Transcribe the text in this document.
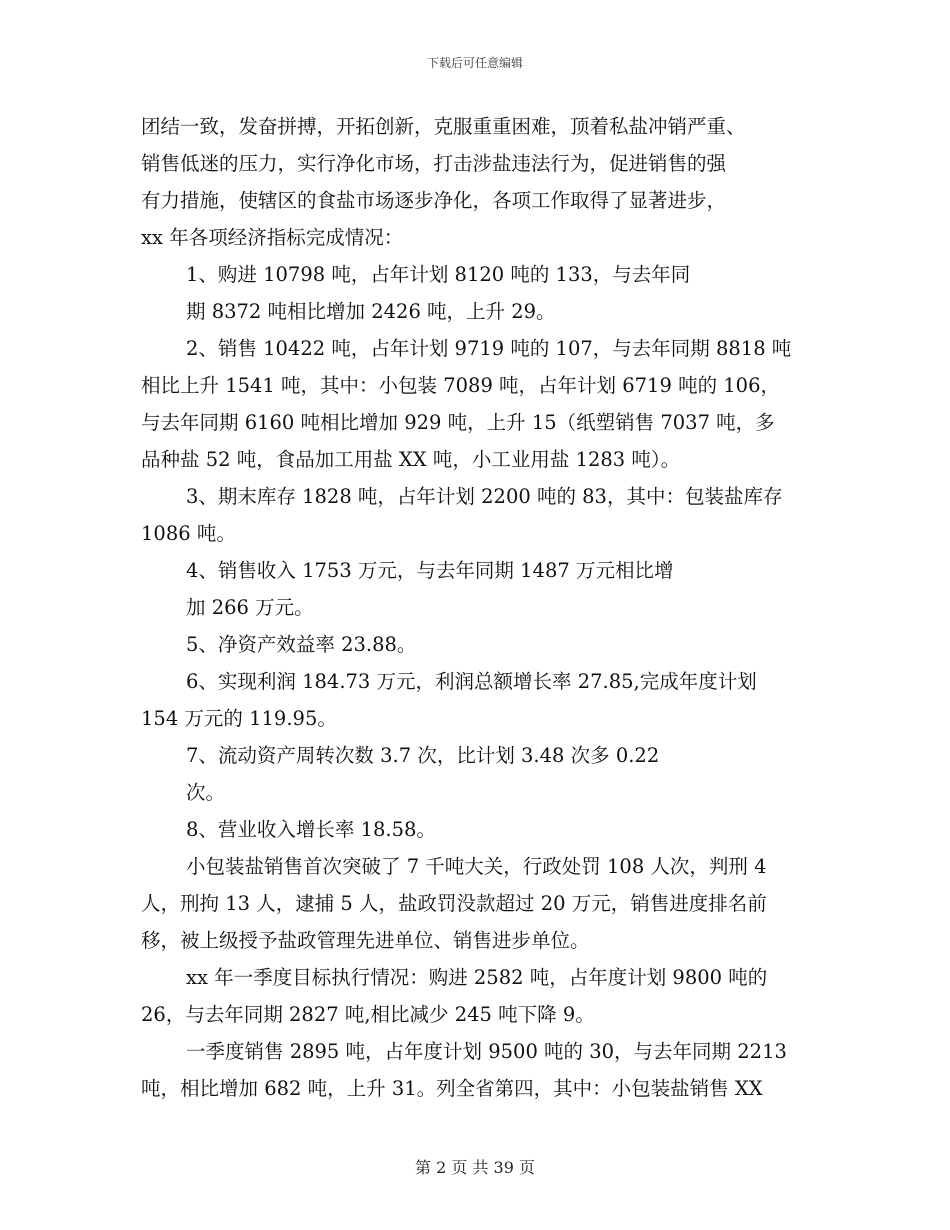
下载后可任意编辑
团结一致，发奋拼搏，开拓创新，克服重重困难，顶着私盐冲销严重、
销售低迷的压力，实行净化市场，打击涉盐违法行为，促进销售的强
有力措施，使辖区的食盐市场逐步净化，各项工作取得了显著进步，
xx 年各项经济指标完成情况：
1、购进 10798 吨，占年计划 8120 吨的 133，与去年同
期 8372 吨相比增加 2426 吨，上升 29。
2、销售 10422 吨，占年计划 9719 吨的 107，与去年同期 8818 吨
相比上升 1541 吨，其中：小包装 7089 吨，占年计划 6719 吨的 106，
与去年同期 6160 吨相比增加 929 吨，上升 15（纸塑销售 7037 吨，多
品种盐 52 吨，食品加工用盐 XX 吨，小工业用盐 1283 吨）。
3、期末库存 1828 吨，占年计划 2200 吨的 83，其中：包装盐库存
1086 吨。
4、销售收入 1753 万元，与去年同期 1487 万元相比增
加 266 万元。
5、净资产效益率 23.88。
6、实现利润 184.73 万元，利润总额增长率 27.85,完成年度计划
154 万元的 119.95。
7、流动资产周转次数 3.7 次，比计划 3.48 次多 0.22
次。
8、营业收入增长率 18.58。
小包装盐销售首次突破了 7 千吨大关，行政处罚 108 人次，判刑 4
人，刑拘 13 人，逮捕 5 人，盐政罚没款超过 20 万元，销售进度排名前
移，被上级授予盐政管理先进单位、销售进步单位。
xx 年一季度目标执行情况：购进 2582 吨，占年度计划 9800 吨的
26，与去年同期 2827 吨,相比减少 245 吨下降 9。
一季度销售 2895 吨，占年度计划 9500 吨的 30，与去年同期 2213
吨，相比增加 682 吨，上升 31。列全省第四，其中：小包装盐销售 XX
第 2 页 共 39 页
